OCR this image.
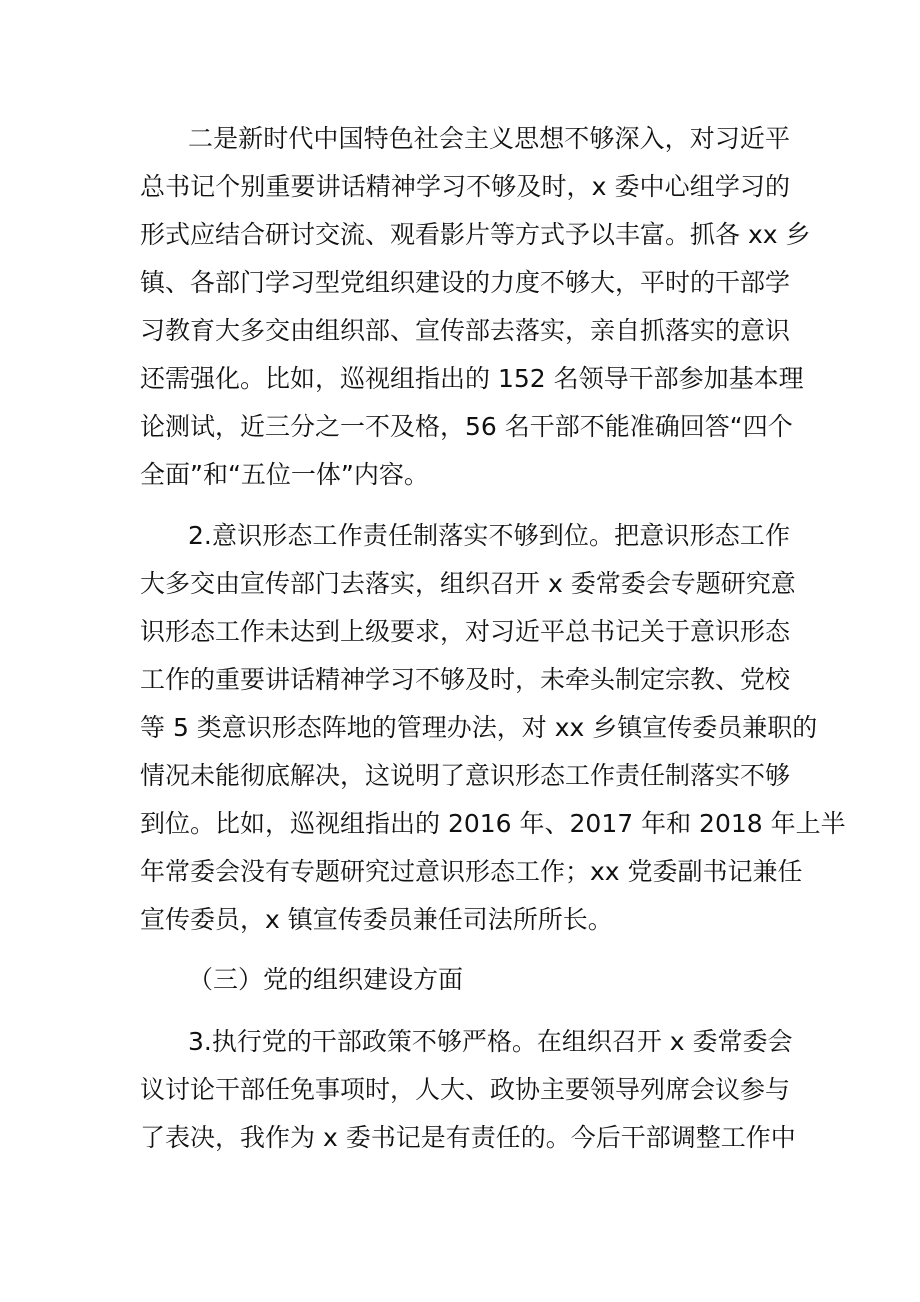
二是新时代中国特色社会主义思想不够深入，对习近平
总书记个别重要讲话精神学习不够及时，x 委中心组学习的
形式应结合研讨交流、观看影片等方式予以丰富。抓各 xx 乡
镇、各部门学习型党组织建设的力度不够大，平时的干部学
习教育大多交由组织部、宣传部去落实，亲自抓落实的意识
还需强化。比如，巡视组指出的 152 名领导干部参加基本理
论测试，近三分之一不及格，56 名干部不能准确回答“四个
全面”和“五位一体”内容。
2.意识形态工作责任制落实不够到位。把意识形态工作
大多交由宣传部门去落实，组织召开 x 委常委会专题研究意
识形态工作未达到上级要求，对习近平总书记关于意识形态
工作的重要讲话精神学习不够及时，未牵头制定宗教、党校
等 5 类意识形态阵地的管理办法，对 xx 乡镇宣传委员兼职的
情况未能彻底解决，这说明了意识形态工作责任制落实不够
到位。比如，巡视组指出的 2016 年、2017 年和 2018 年上半
年常委会没有专题研究过意识形态工作；xx 党委副书记兼任
宣传委员，x 镇宣传委员兼任司法所所长。
（三）党的组织建设方面
3.执行党的干部政策不够严格。在组织召开 x 委常委会
议讨论干部任免事项时，人大、政协主要领导列席会议参与
了表决，我作为 x 委书记是有责任的。今后干部调整工作中
